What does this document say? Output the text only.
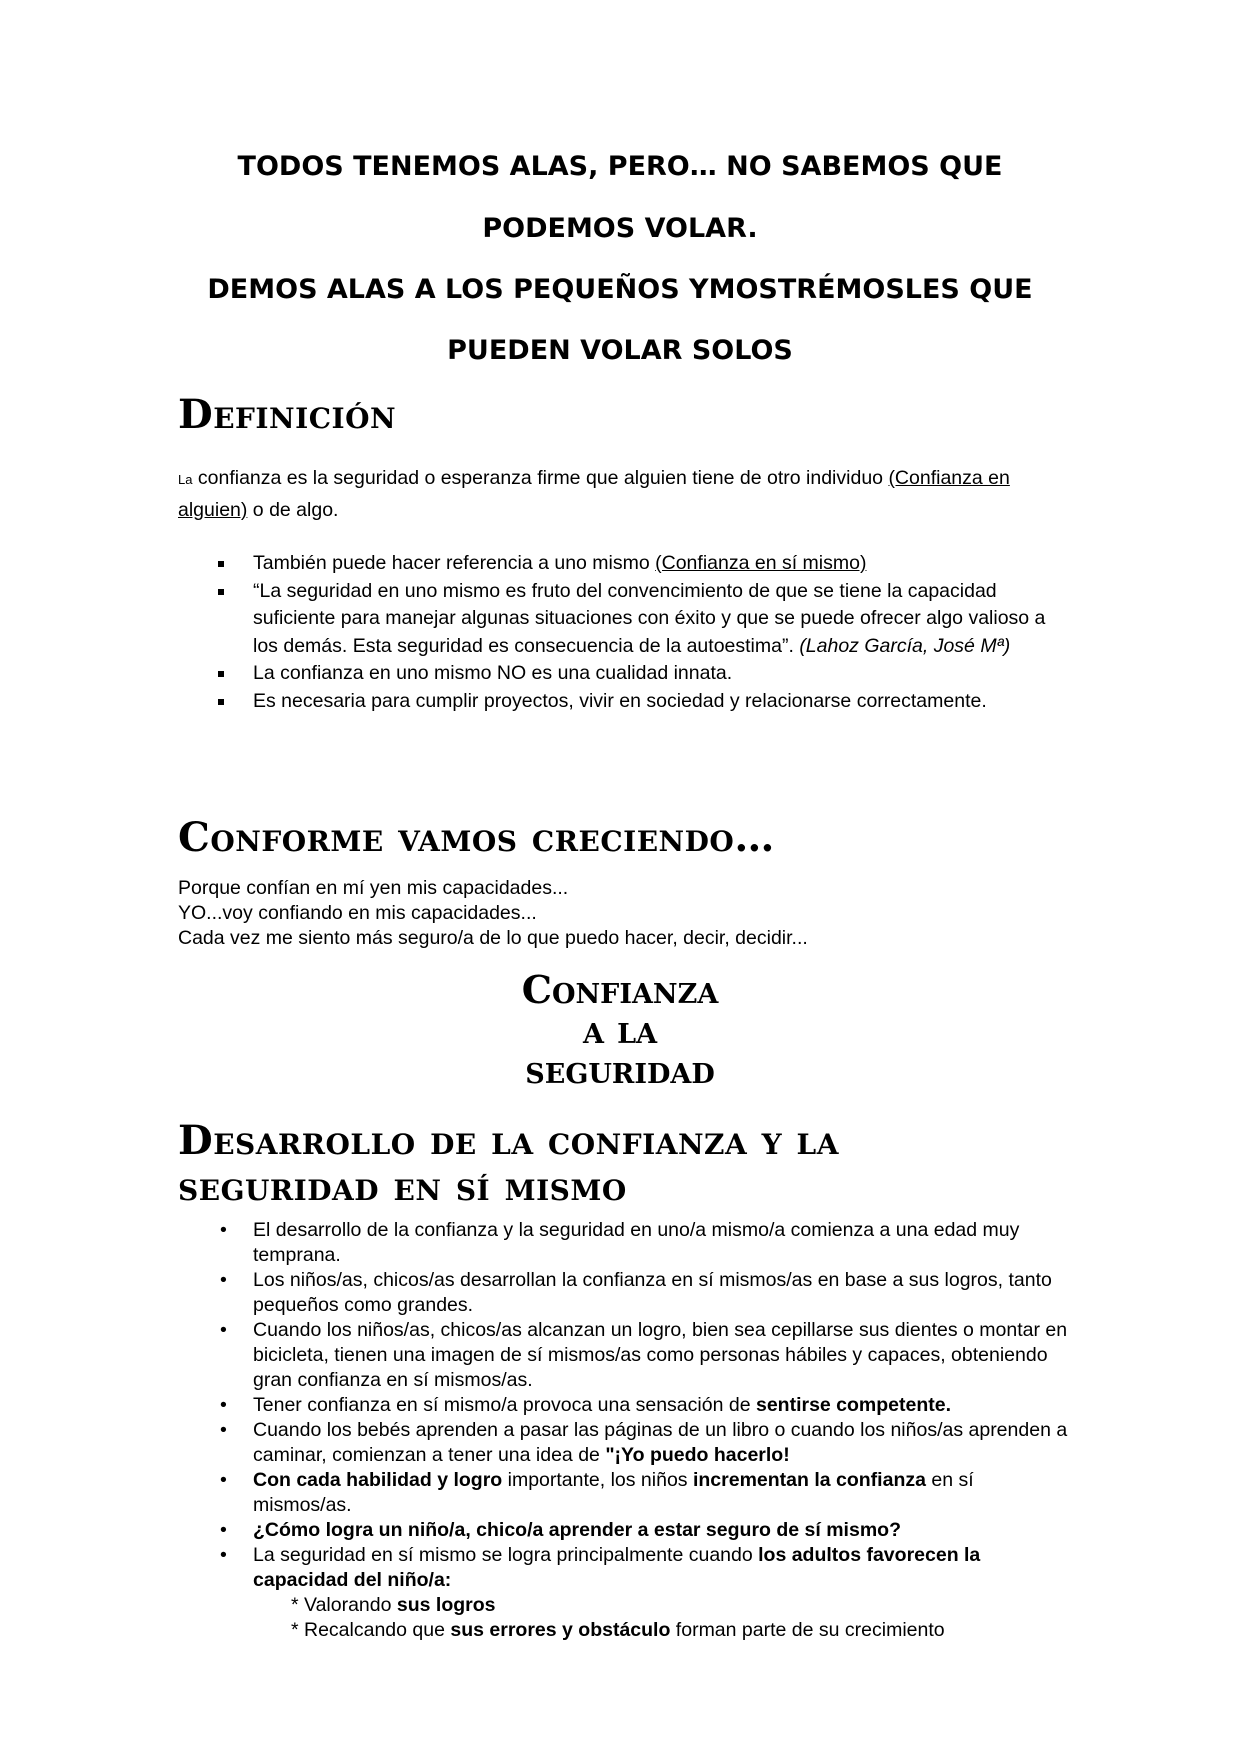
TODOS TENEMOS ALAS, PERO… NO SABEMOS QUE
PODEMOS VOLAR.
DEMOS ALAS A LOS PEQUEÑOS YMOSTRÉMOSLES QUE
PUEDEN VOLAR SOLOS
Definición
La confianza es la seguridad o esperanza firme que alguien tiene de otro individuo (Confianza en alguien) o de algo.
También puede hacer referencia a uno mismo (Confianza en sí mismo)
“La seguridad en uno mismo es fruto del convencimiento de que se tiene la capacidad suficiente para manejar algunas situaciones con éxito y que se puede ofrecer algo valioso a los demás. Esta seguridad es consecuencia de la autoestima”. (Lahoz García, José Mª)
La confianza en uno mismo NO es una cualidad innata.
Es necesaria para cumplir proyectos, vivir en sociedad y relacionarse correctamente.
Conforme vamos creciendo…
Porque confían en mí yen mis capacidades...
YO...voy confiando en mis capacidades...
Cada vez me siento más seguro/a de lo que puedo hacer, decir, decidir...
Confianza
a la
seguridad
Desarrollo de la confianza y la
seguridad en sí mismo
• El desarrollo de la confianza y la seguridad en uno/a mismo/a comienza a una edad muy temprana.
• Los niños/as, chicos/as desarrollan la confianza en sí mismos/as en base a sus logros, tanto pequeños como grandes.
• Cuando los niños/as, chicos/as alcanzan un logro, bien sea cepillarse sus dientes o montar en bicicleta, tienen una imagen de sí mismos/as como personas hábiles y capaces, obteniendo gran confianza en sí mismos/as.
• Tener confianza en sí mismo/a provoca una sensación de sentirse competente.
• Cuando los bebés aprenden a pasar las páginas de un libro o cuando los niños/as aprenden a caminar, comienzan a tener una idea de "¡Yo puedo hacerlo!
• Con cada habilidad y logro importante, los niños incrementan la confianza en sí mismos/as.
• ¿Cómo logra un niño/a, chico/a aprender a estar seguro de sí mismo?
• La seguridad en sí mismo se logra principalmente cuando los adultos favorecen la capacidad del niño/a:
* Valorando sus logros
* Recalcando que sus errores y obstáculo forman parte de su crecimiento
